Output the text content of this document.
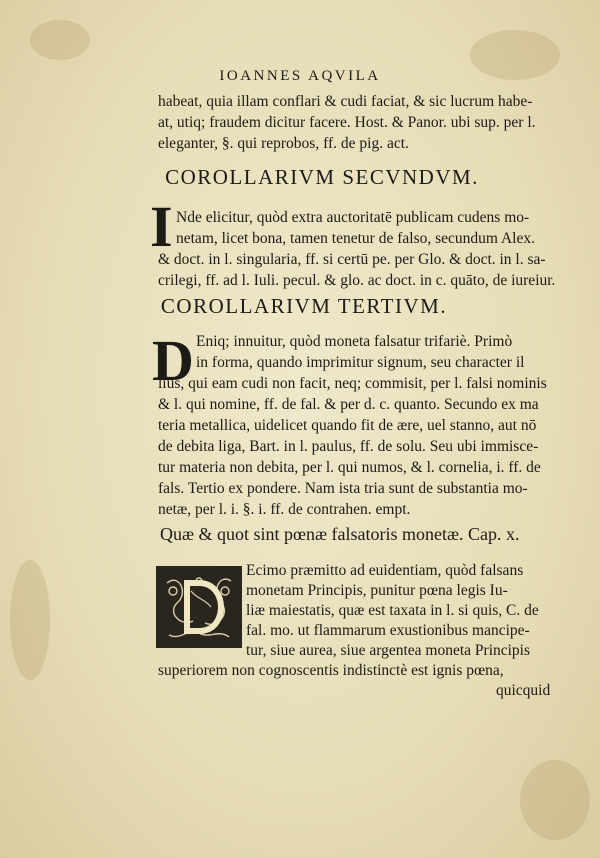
IOANNES AQVILA
habeat, quia illam conflari & cudi faciat, & sic lucrum habe-
at, utiq; fraudem dicitur facere. Host. & Panor. ubi sup. per l.
eleganter, §. qui reprobos, ff. de pig. act.
COROLLARIVM SECVNDVM.
I Nde elicitur, quòd extra auctoritatē publicam cudens mo-
netam, licet bona, tamen tenetur de falso, secundum Alex.
& doct. in l. singularia, ff. si certū pe. per Glo. & doct. in l. sa-
crilegi, ff. ad l. Iuli. pecul. & glo. ac doct. in c. quāto, de iureiur.
COROLLARIVM TERTIVM.
D Eniq; innuitur, quòd moneta falsatur trifariè. Primò
in forma, quando imprimitur signum, seu character il
lius, qui eam cudi non facit, neq; commisit, per l. falsi nominis
& l. qui nomine, ff. de fal. & per d. c. quanto. Secundo ex ma
teria metallica, uidelicet quando fit de ære, uel stanno, aut nō
de debita liga, Bart. in l. paulus, ff. de solu. Seu ubi immisce-
tur materia non debita, per l. qui numos, & l. cornelia, i. ff. de
fals. Tertio ex pondere. Nam ista tria sunt de substantia mo-
netæ, per l. i. §. i. ff. de contrahen. empt.
Quæ & quot sint pœnæ falsatoris monetæ. Cap. x.
Ecimo præmitto ad euidentiam, quòd falsans
monetam Principis, punitur pœna legis Iu-
liæ maiestatis, quæ est taxata in l. si quis, C. de
fal. mo. ut flammarum exustionibus mancipe-
tur, siue aurea, siue argentea moneta Principis
superiorem non cognoscentis indistinctè est ignis pœna,
quicquid
